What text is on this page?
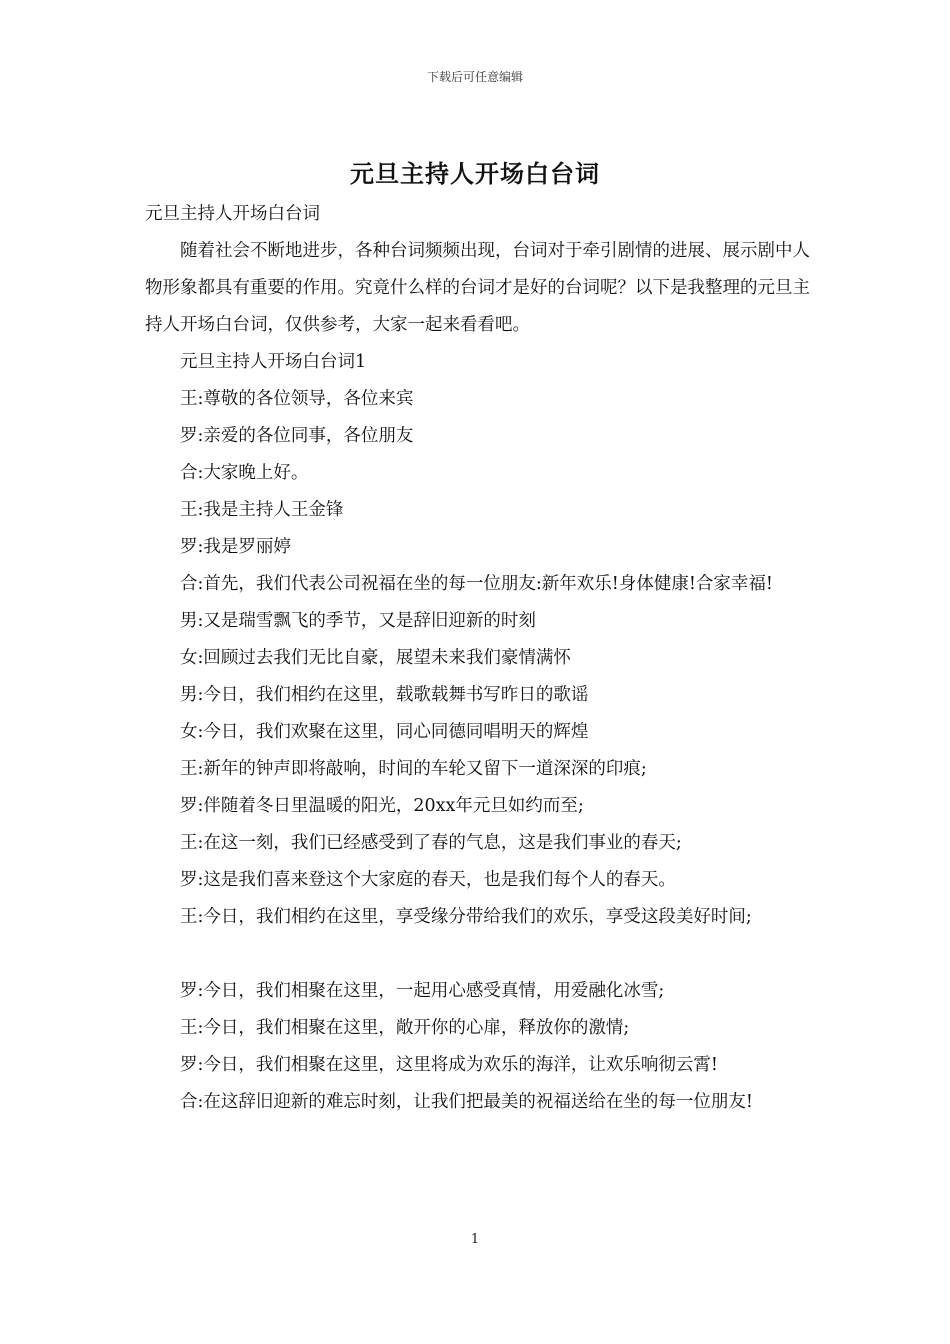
下载后可任意编辑
元旦主持人开场白台词

元旦主持人开场白台词

随着社会不断地进步，各种台词频频出现，台词对于牵引剧情的进展、展示剧中人物形象都具有重要的作用。究竟什么样的台词才是好的台词呢？以下是我整理的元旦主持人开场白台词，仅供参考，大家一起来看看吧。

元旦主持人开场白台词1

王:尊敬的各位领导，各位来宾

罗:亲爱的各位同事，各位朋友

合:大家晚上好。

王:我是主持人王金锋

罗:我是罗丽婷

合:首先，我们代表公司祝福在坐的每一位朋友:新年欢乐!身体健康!合家幸福!

男:又是瑞雪飘飞的季节，又是辞旧迎新的时刻

女:回顾过去我们无比自豪，展望未来我们豪情满怀

男:今日，我们相约在这里，载歌载舞书写昨日的歌谣

女:今日，我们欢聚在这里，同心同德同唱明天的辉煌

王:新年的钟声即将敲响，时间的车轮又留下一道深深的印痕;

罗:伴随着冬日里温暖的阳光，20xx年元旦如约而至;

王:在这一刻，我们已经感受到了春的气息，这是我们事业的春天;

罗:这是我们喜来登这个大家庭的春天，也是我们每个人的春天。

王:今日，我们相约在这里，享受缘分带给我们的欢乐，享受这段美好时间;

罗:今日，我们相聚在这里，一起用心感受真情，用爱融化冰雪;

王:今日，我们相聚在这里，敞开你的心扉，释放你的激情;

罗:今日，我们相聚在这里，这里将成为欢乐的海洋，让欢乐响彻云霄!

合:在这辞旧迎新的难忘时刻，让我们把最美的祝福送给在坐的每一位朋友!

1
